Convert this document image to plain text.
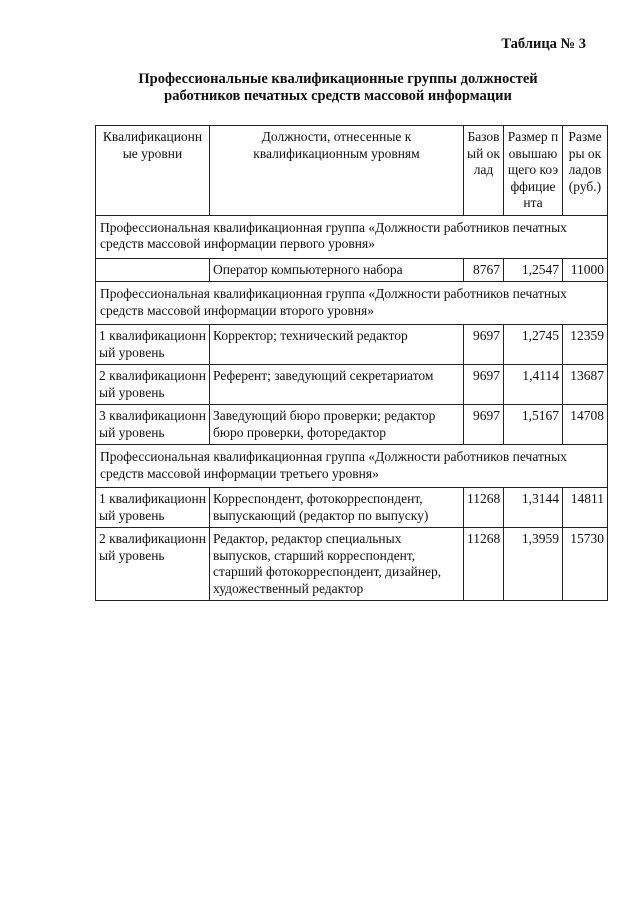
Таблица № 3
Профессиональные квалификационные группы должностей
работников печатных средств массовой информации
Квалификационные уровни	Должности, отнесенные к квалификационным уровням	Базовый оклад	Размер повышающего коэффициента	Размеры окладов (руб.)
Профессиональная квалификационная группа «Должности работников печатных средств массовой информации первого уровня»				
	Оператор компьютерного набора	8767	1,2547	11000
Профессиональная квалификационная группа «Должности работников печатных средств массовой информации второго уровня»				
1 квалификационный уровень	Корректор; технический редактор	9697	1,2745	12359
2 квалификационный уровень	Референт; заведующий секретариатом	9697	1,4114	13687
3 квалификационный уровень	Заведующий бюро проверки; редактор бюро проверки, фоторедактор	9697	1,5167	14708
Профессиональная квалификационная группа «Должности работников печатных средств массовой информации третьего уровня»				
1 квалификационный уровень	Корреспондент, фотокорреспондент, выпускающий (редактор по выпуску)	11268	1,3144	14811
2 квалификационный уровень	Редактор, редактор специальных выпусков, старший корреспондент, старший фотокорреспондент, дизайнер, художественный редактор	11268	1,3959	15730
